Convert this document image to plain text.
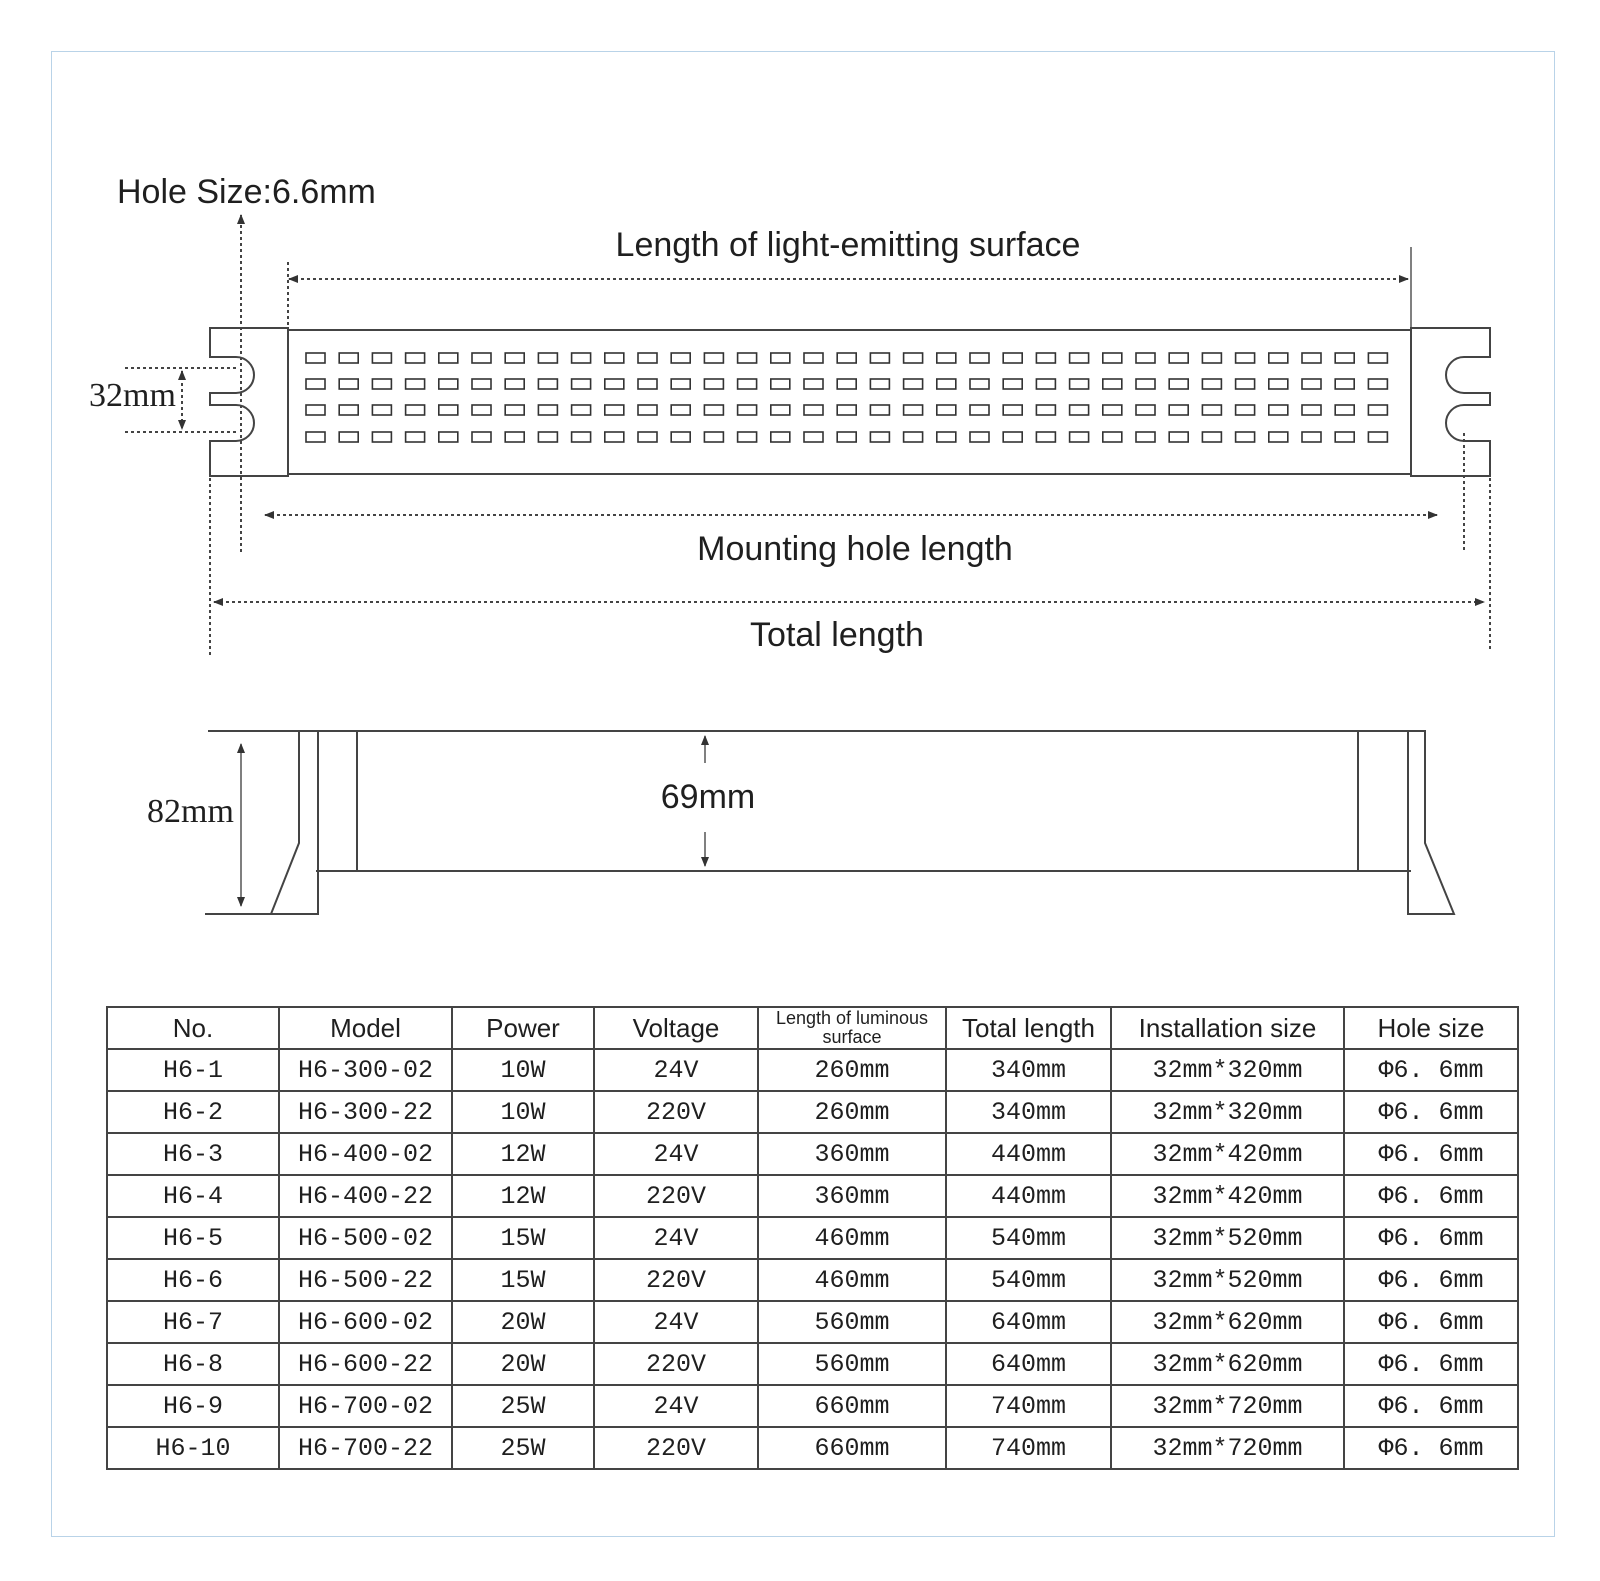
Hole Size:6.6mm
Length of light-emitting surface
32mm
Mounting hole length
Total length
82mm	69mm
No.	Model	Power	Voltage	Length of luminous surface	Total length	Installation size	Hole size
H6-1	H6-300-02	10W	24V	260mm	340mm	32mm*320mm	Φ6. 6mm
H6-2	H6-300-22	10W	220V	260mm	340mm	32mm*320mm	Φ6. 6mm
H6-3	H6-400-02	12W	24V	360mm	440mm	32mm*420mm	Φ6. 6mm
H6-4	H6-400-22	12W	220V	360mm	440mm	32mm*420mm	Φ6. 6mm
H6-5	H6-500-02	15W	24V	460mm	540mm	32mm*520mm	Φ6. 6mm
H6-6	H6-500-22	15W	220V	460mm	540mm	32mm*520mm	Φ6. 6mm
H6-7	H6-600-02	20W	24V	560mm	640mm	32mm*620mm	Φ6. 6mm
H6-8	H6-600-22	20W	220V	560mm	640mm	32mm*620mm	Φ6. 6mm
H6-9	H6-700-02	25W	24V	660mm	740mm	32mm*720mm	Φ6. 6mm
H6-10	H6-700-22	25W	220V	660mm	740mm	32mm*720mm	Φ6. 6mm
